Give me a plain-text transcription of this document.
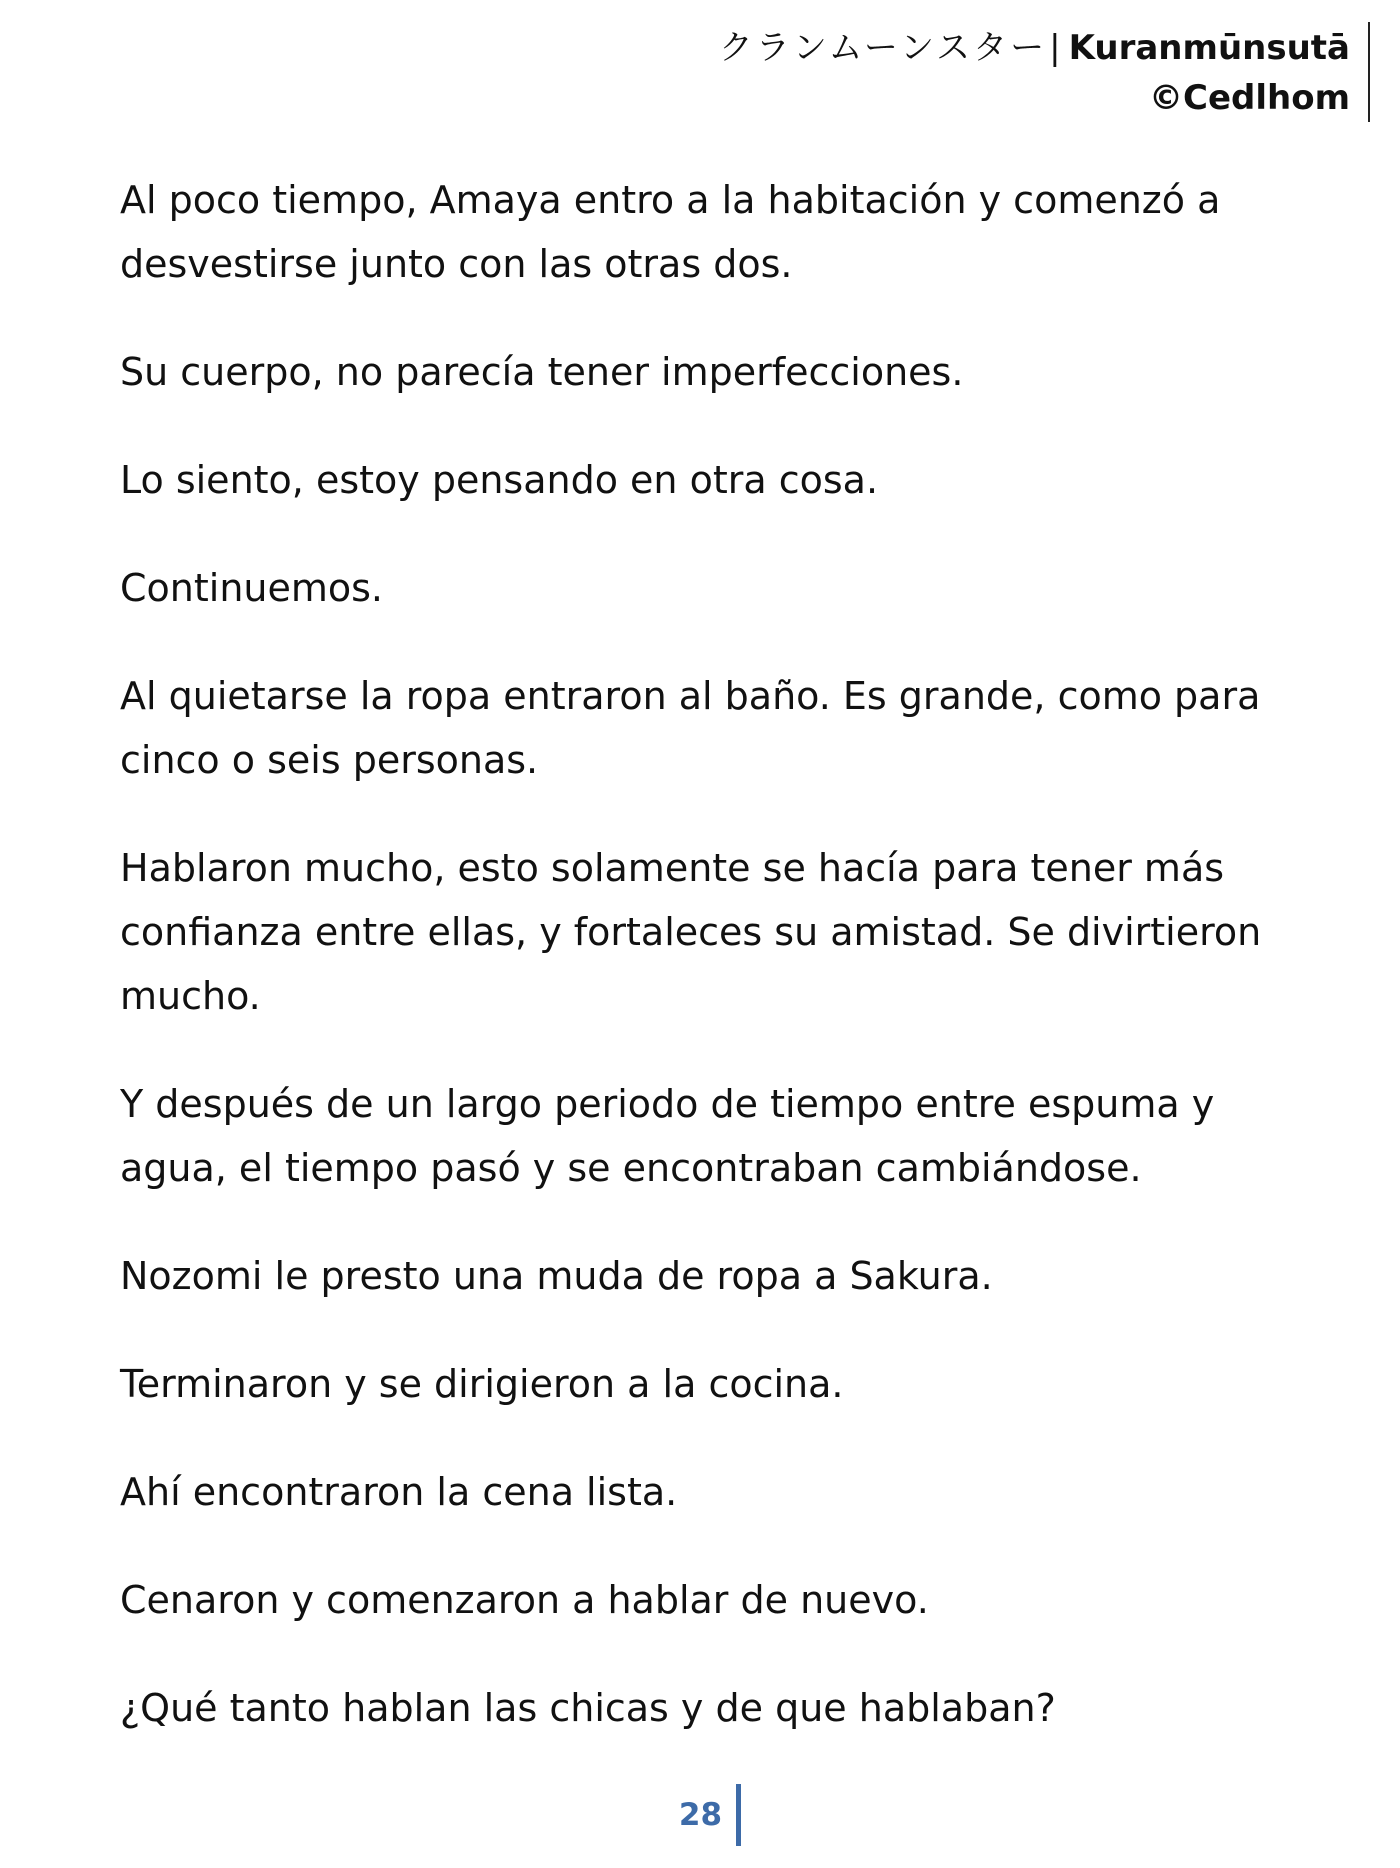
クランムーンスター| Kuranmūnsutā
©Cedlhom

Al poco tiempo, Amaya entro a la habitación y comenzó a desvestirse junto con las otras dos.

Su cuerpo, no parecía tener imperfecciones.

Lo siento, estoy pensando en otra cosa.

Continuemos.

Al quietarse la ropa entraron al baño. Es grande, como para cinco o seis personas.

Hablaron mucho, esto solamente se hacía para tener más confianza entre ellas, y fortaleces su amistad. Se divirtieron mucho.

Y después de un largo periodo de tiempo entre espuma y agua, el tiempo pasó y se encontraban cambiándose.

Nozomi le presto una muda de ropa a Sakura.

Terminaron y se dirigieron a la cocina.

Ahí encontraron la cena lista.

Cenaron y comenzaron a hablar de nuevo.

¿Qué tanto hablan las chicas y de que hablaban?

28
